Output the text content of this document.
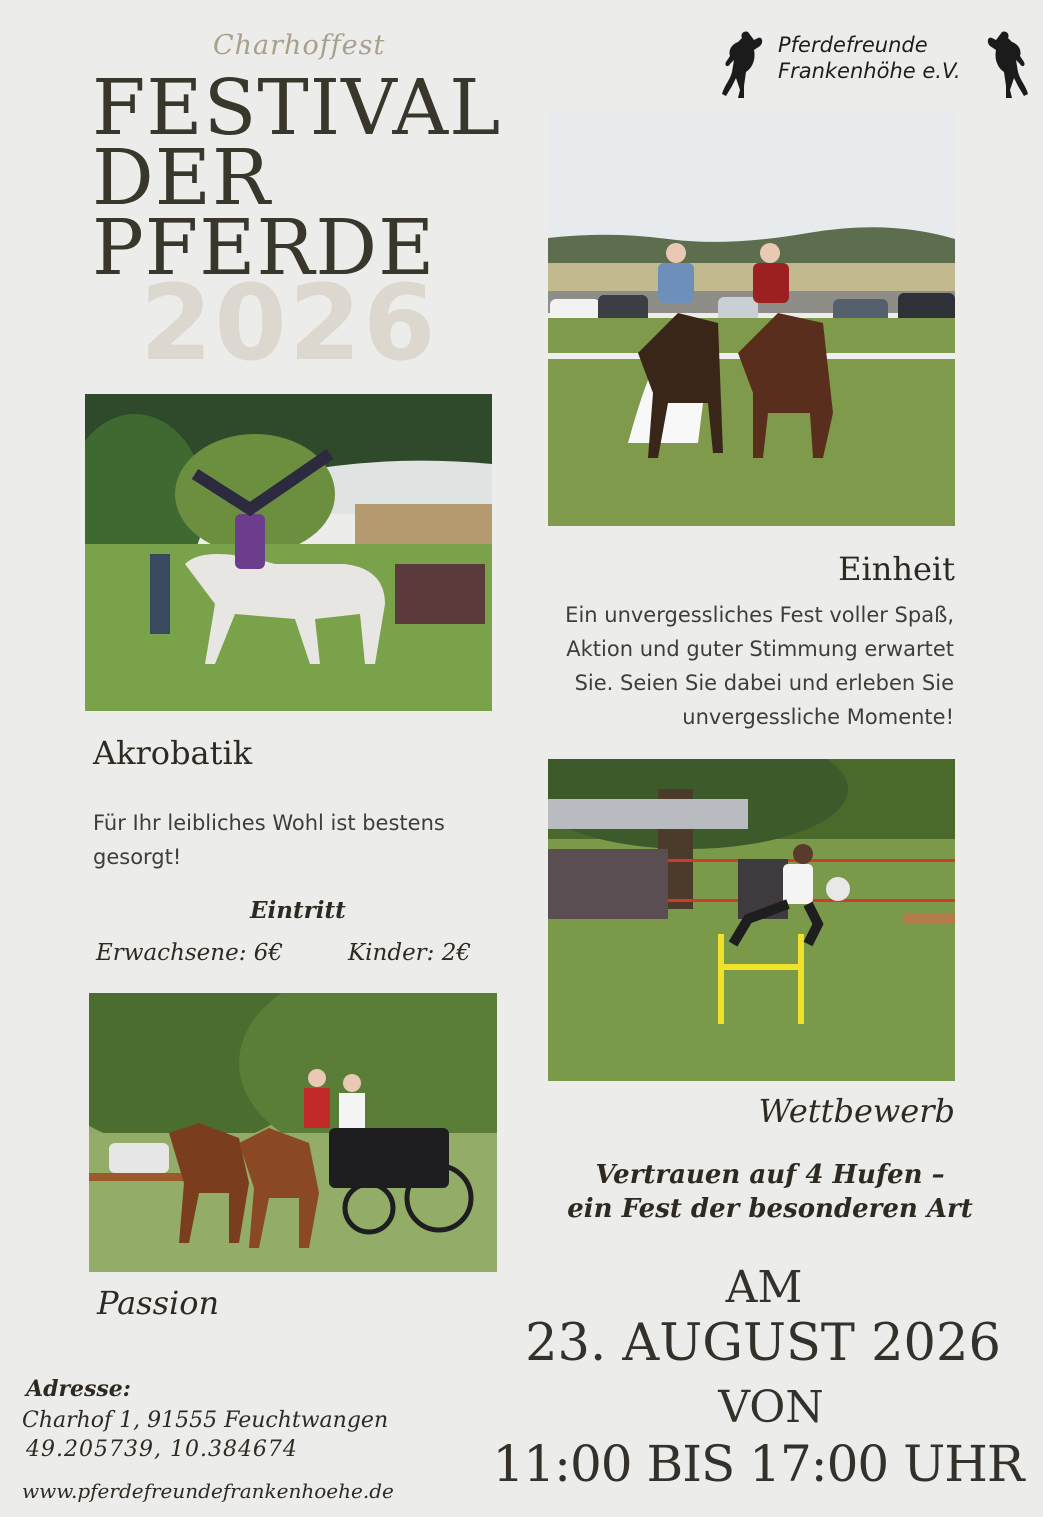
Charhoffest
2026
FESTIVAL
DER
PFERDE
Pferdefreunde
Frankenhöhe e.V.
Einheit
Ein unvergessliches Fest voller Spaß, Aktion und guter Stimmung erwartet Sie. Seien Sie dabei und erleben Sie unvergessliche Momente!
Akrobatik
Für Ihr leibliches Wohl ist bestens gesorgt!
Eintritt
Erwachsene: 6€	Kinder: 2€
Wettbewerb
Vertrauen auf 4 Hufen –
ein Fest der besonderen Art
Passion	AM
23. AUGUST 2026
VON
11:00 BIS 17:00 UHR
Adresse:
Charhof 1, 91555 Feuchtwangen
49.205739, 10.384674
www.pferdefreundefrankenhoehe.de
